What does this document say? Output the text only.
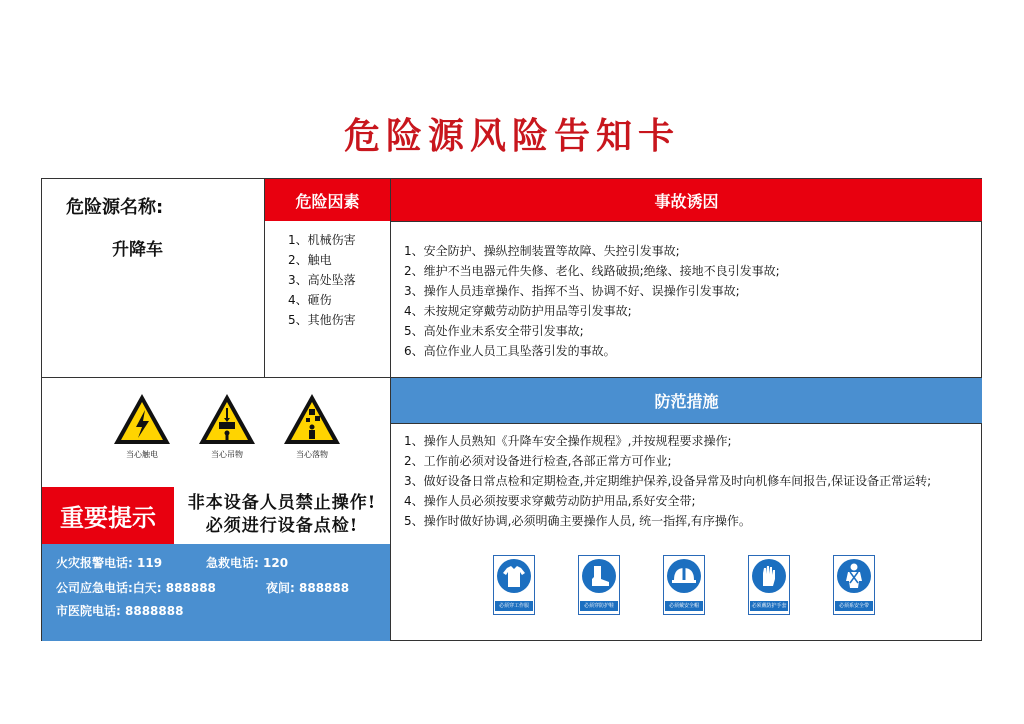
危险源风险告知卡
危险源名称:
升降车
危险因素
1、机械伤害
2、触电
3、高处坠落
4、砸伤
5、其他伤害
事故诱因
1、安全防护、操纵控制装置等故障、失控引发事故;
2、维护不当电器元件失修、老化、线路破损;绝缘、接地不良引发事故;
3、操作人员违章操作、指挥不当、协调不好、误操作引发事故;
4、未按规定穿戴劳动防护用品等引发事故;
5、高处作业未系安全带引发事故;
6、高位作业人员工具坠落引发的事故。
当心触电	当心吊物	当心落物
重要提示
非本设备人员禁止操作!
必须进行设备点检!
火灾报警电话: 119	急救电话: 120
公司应急电话:白天: 888888	夜间: 888888
市医院电话: 8888888
防范措施
1、操作人员熟知《升降车安全操作规程》,并按规程要求操作;
2、工作前必须对设备进行检查,各部正常方可作业;
3、做好设备日常点检和定期检查,并定期维护保养,设备异常及时向机修车间报告,保证设备正常运转;
4、操作人员必须按要求穿戴劳动防护用品,系好安全带;
5、操作时做好协调,必须明确主要操作人员, 统一指挥,有序操作。
必须穿工作服	必须穿防护鞋	必须戴安全帽	必须戴防护手套	必须系安全带
